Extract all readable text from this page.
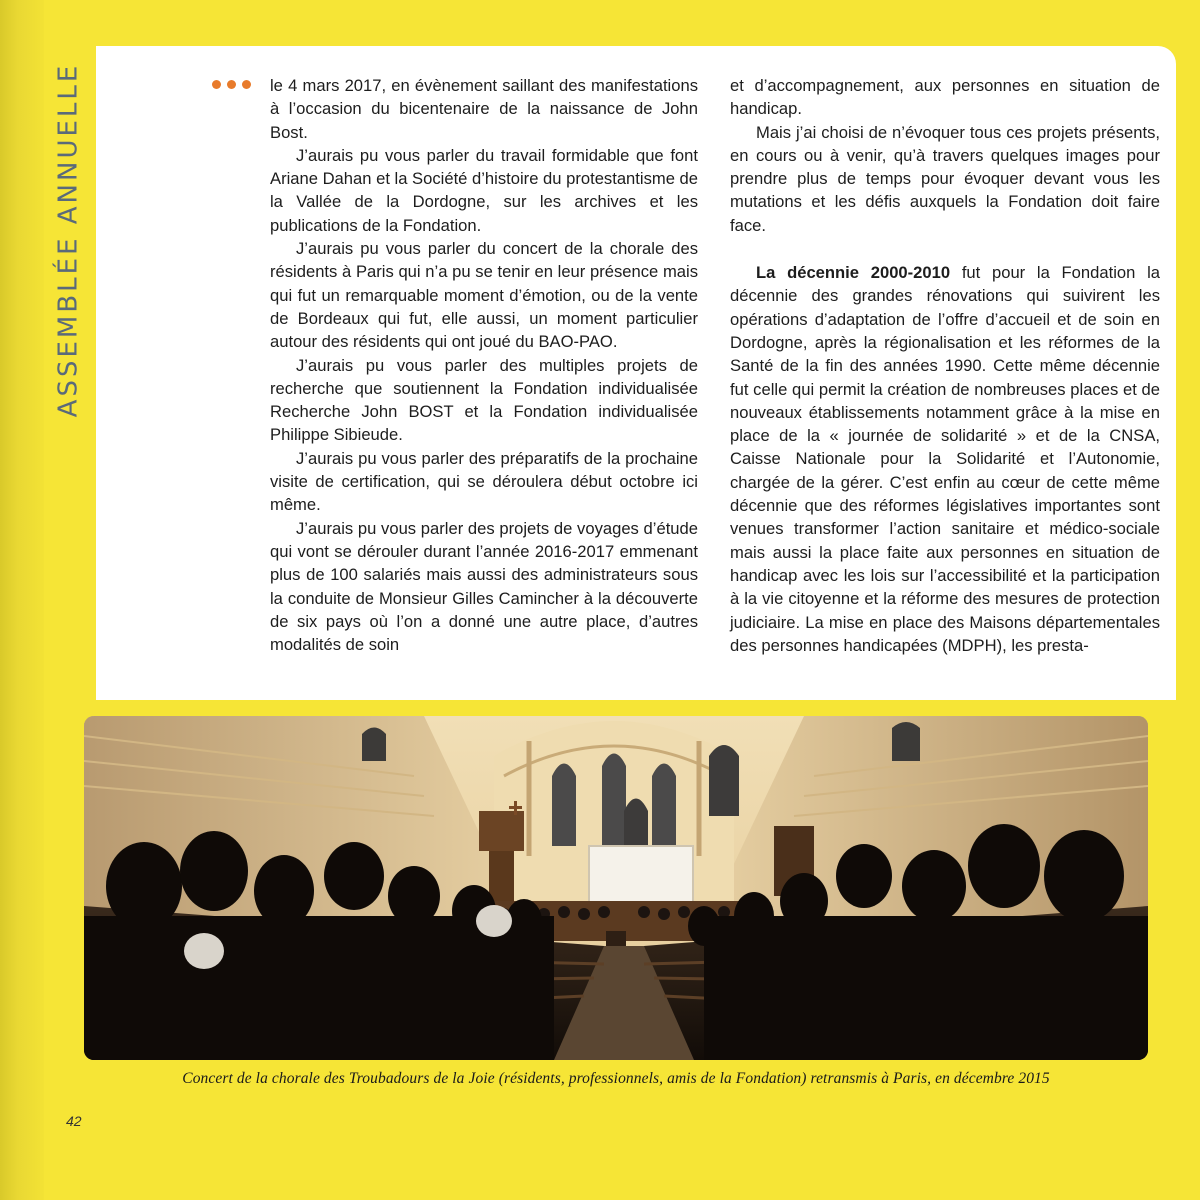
ASSEMBLÉE ANNUELLE	le 4 mars 2017, en évènement saillant des manifestations à l’occasion du bicentenaire de la naissance de John Bost.

J’aurais pu vous parler du travail formidable que font Ariane Dahan et la Société d’histoire du protestantisme de la Vallée de la Dordogne, sur les archives et les publications de la Fondation.

J’aurais pu vous parler du concert de la chorale des résidents à Paris qui n’a pu se tenir en leur présence mais qui fut un remarquable moment d’émotion, ou de la vente de Bordeaux qui fut, elle aussi, un moment particulier autour des résidents qui ont joué du BAO-PAO.

J’aurais pu vous parler des multiples projets de recherche que soutiennent la Fondation individualisée Recherche John BOST et la Fondation individualisée Philippe Sibieude.

J’aurais pu vous parler des préparatifs de la prochaine visite de certification, qui se déroulera début octobre ici même.

J’aurais pu vous parler des projets de voyages d’étude qui vont se dérouler durant l’année 2016-2017 emmenant plus de 100 salariés mais aussi des administrateurs sous la conduite de Monsieur Gilles Camincher à la découverte de six pays où l’on a donné une autre place, d’autres modalités de soin

et d’accompagnement, aux personnes en situation de handicap.

Mais j’ai choisi de n’évoquer tous ces projets présents, en cours ou à venir, qu’à travers quelques images pour prendre plus de temps pour évoquer devant vous les mutations et les défis auxquels la Fondation doit faire face.

La décennie 2000-2010 fut pour la Fondation la décennie des grandes rénovations qui suivirent les opérations d’adaptation de l’offre d’accueil et de soin en Dordogne, après la régionalisation et les réformes de la Santé de la fin des années 1990. Cette même décennie fut celle qui permit la création de nombreuses places et de nouveaux établissements notamment grâce à la mise en place de la « journée de solidarité » et de la CNSA, Caisse Nationale pour la Solidarité et l’Autonomie, chargée de la gérer. C’est enfin au cœur de cette même décennie que des réformes législatives importantes sont venues transformer l’action sanitaire et médico-sociale mais aussi la place faite aux personnes en situation de handicap avec les lois sur l’accessibilité et la participation à la vie citoyenne et la réforme des mesures de protection judiciaire. La mise en place des Maisons départementales des personnes handicapées (MDPH), les presta-

Concert de la chorale des Troubadours de la Joie (résidents, professionnels, amis de la Fondation) retransmis à Paris, en décembre 2015
42
